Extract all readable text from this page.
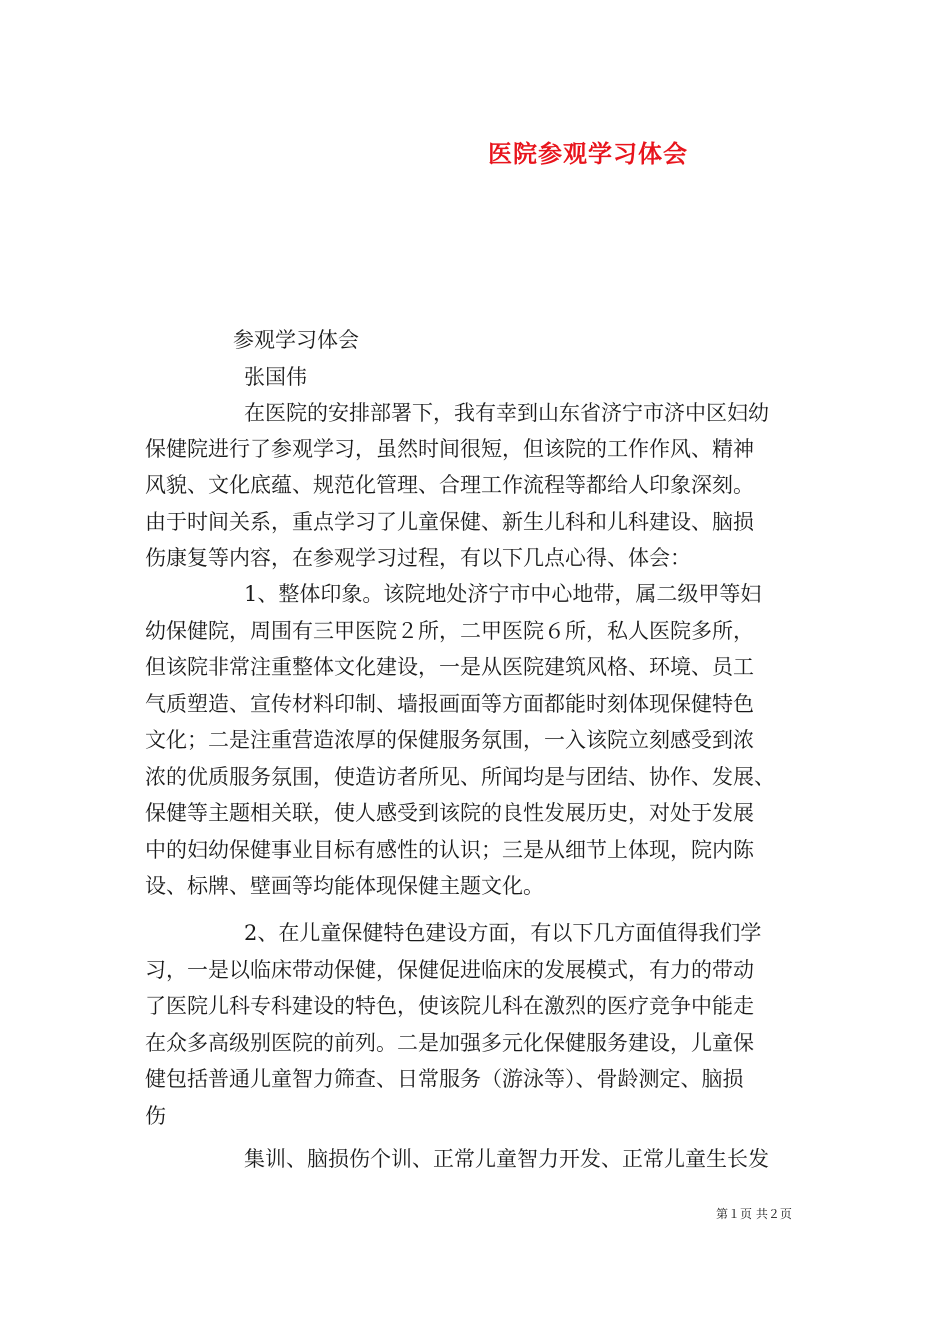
医院参观学习体会

参观学习体会

张国伟

在医院的安排部署下，我有幸到山东省济宁市济中区妇幼

保健院进行了参观学习，虽然时间很短，但该院的工作作风、精神

风貌、文化底蕴、规范化管理、合理工作流程等都给人印象深刻。

由于时间关系，重点学习了儿童保健、新生儿科和儿科建设、脑损

伤康复等内容，在参观学习过程，有以下几点心得、体会：

1、整体印象。该院地处济宁市中心地带，属二级甲等妇

幼保健院，周围有三甲医院２所，二甲医院６所，私人医院多所，

但该院非常注重整体文化建设，一是从医院建筑风格、环境、员工

气质塑造、宣传材料印制、墙报画面等方面都能时刻体现保健特色

文化；二是注重营造浓厚的保健服务氛围，一入该院立刻感受到浓

浓的优质服务氛围，使造访者所见、所闻均是与团结、协作、发展、

保健等主题相关联，使人感受到该院的良性发展历史，对处于发展

中的妇幼保健事业目标有感性的认识；三是从细节上体现，院内陈

设、标牌、壁画等均能体现保健主题文化。

2、在儿童保健特色建设方面，有以下几方面值得我们学

习，一是以临床带动保健，保健促进临床的发展模式，有力的带动

了医院儿科专科建设的特色，使该院儿科在激烈的医疗竞争中能走

在众多高级别医院的前列。二是加强多元化保健服务建设，儿童保

健包括普通儿童智力筛查、日常服务（游泳等）、骨龄测定、脑损

伤

集训、脑损伤个训、正常儿童智力开发、正常儿童生长发

第１页 共２页
